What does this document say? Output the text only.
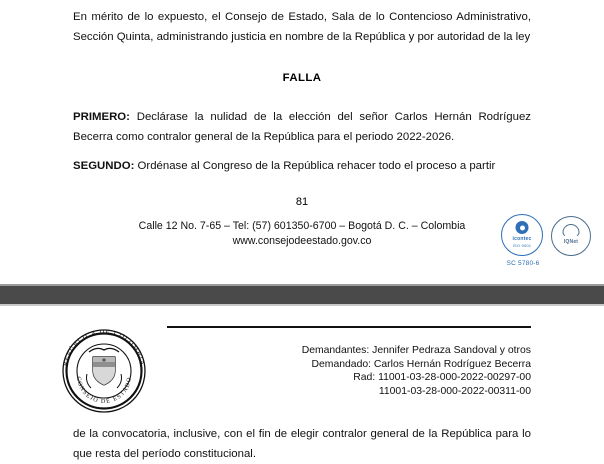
En mérito de lo expuesto, el Consejo de Estado, Sala de lo Contencioso Administrativo, Sección Quinta, administrando justicia en nombre de la República y por autoridad de la ley
FALLA
PRIMERO: Declárase la nulidad de la elección del señor Carlos Hernán Rodríguez Becerra como contralor general de la República para el periodo 2022-2026.
SEGUNDO: Ordénase al Congreso de la República rehacer todo el proceso a partir
81
Calle 12 No. 7-65 – Tel: (57) 601350-6700 – Bogotá D. C. – Colombia
www.consejodeestado.gov.co	icontec
ISO 9001
IQNet
SC 5780-6
REPÚBLICA DE COLOMBIA
CONSEJO DE ESTADO
Demandantes: Jennifer Pedraza Sandoval y otros
Demandado: Carlos Hernán Rodríguez Becerra
Rad: 11001-03-28-000-2022-00297-00
11001-03-28-000-2022-00311-00
de la convocatoria, inclusive, con el fin de elegir contralor general de la República para lo que resta del período constitucional.
